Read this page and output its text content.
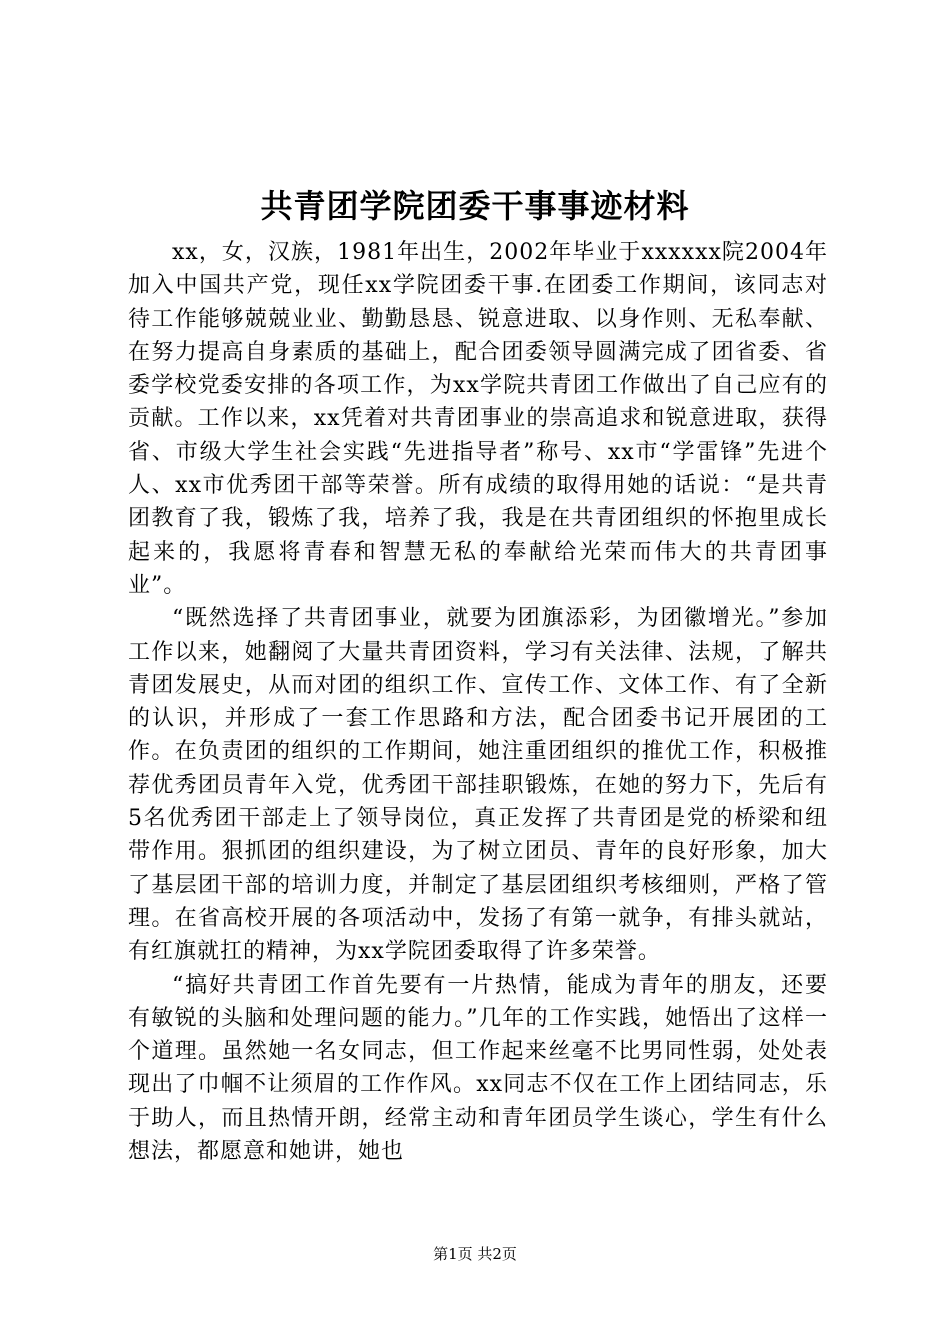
共青团学院团委干事事迹材料

xx，女，汉族，1981年出生，2002年毕业于xxxxxx院2004年加入中国共产党，现任xx学院团委干事.在团委工作期间，该同志对待工作能够兢兢业业、勤勤恳恳、锐意进取、以身作则、无私奉献、在努力提高自身素质的基础上，配合团委领导圆满完成了团省委、省委学校党委安排的各项工作，为xx学院共青团工作做出了自己应有的贡献。工作以来，xx凭着对共青团事业的崇高追求和锐意进取，获得省、市级大学生社会实践“先进指导者”称号、xx市“学雷锋”先进个人、xx市优秀团干部等荣誉。所有成绩的取得用她的话说：“是共青团教育了我，锻炼了我，培养了我，我是在共青团组织的怀抱里成长起来的，我愿将青春和智慧无私的奉献给光荣而伟大的共青团事业”。

“既然选择了共青团事业，就要为团旗添彩，为团徽增光。”参加工作以来，她翻阅了大量共青团资料，学习有关法律、法规，了解共青团发展史，从而对团的组织工作、宣传工作、文体工作、有了全新的认识，并形成了一套工作思路和方法，配合团委书记开展团的工作。在负责团的组织的工作期间，她注重团组织的推优工作，积极推荐优秀团员青年入党，优秀团干部挂职锻炼，在她的努力下，先后有5名优秀团干部走上了领导岗位，真正发挥了共青团是党的桥梁和纽带作用。狠抓团的组织建设，为了树立团员、青年的良好形象，加大了基层团干部的培训力度，并制定了基层团组织考核细则，严格了管理。在省高校开展的各项活动中，发扬了有第一就争，有排头就站，有红旗就扛的精神，为xx学院团委取得了许多荣誉。

“搞好共青团工作首先要有一片热情，能成为青年的朋友，还要有敏锐的头脑和处理问题的能力。”几年的工作实践，她悟出了这样一个道理。虽然她一名女同志，但工作起来丝毫不比男同性弱，处处表现出了巾帼不让须眉的工作作风。xx同志不仅在工作上团结同志，乐于助人，而且热情开朗，经常主动和青年团员学生谈心，学生有什么想法，都愿意和她讲，她也

第1页 共2页
